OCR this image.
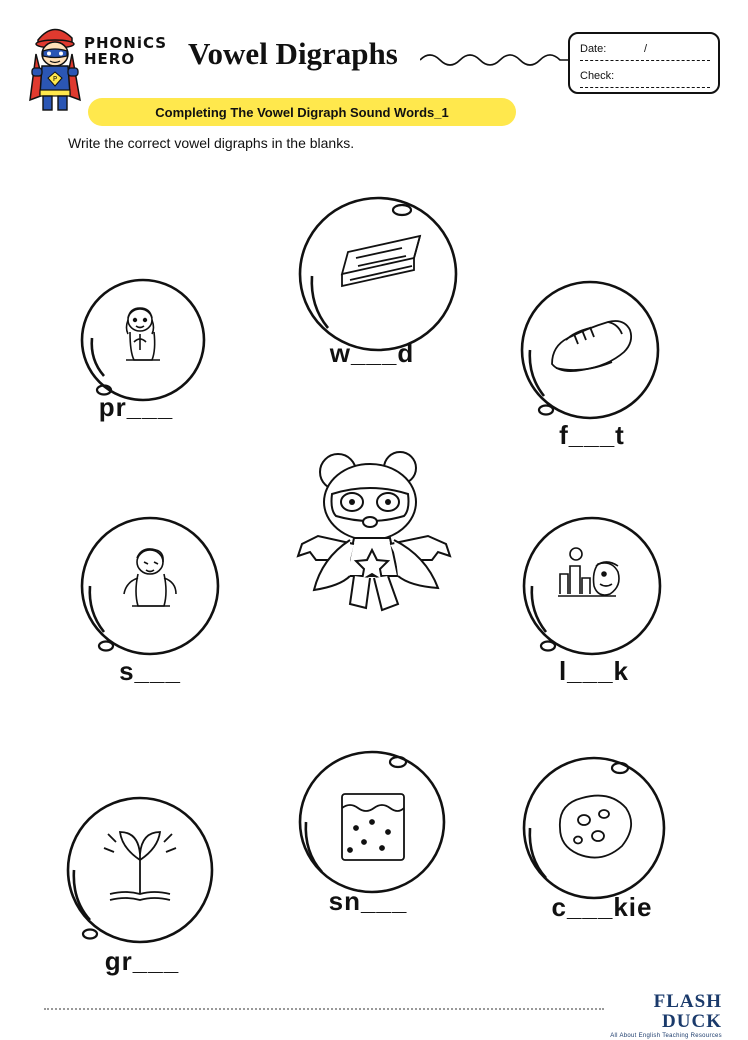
P
PHONiCS
HERO	Vowel Digraphs	Date:	/
Check:
Completing The Vowel Digraph Sound Words_1
Write the correct vowel digraphs in the blanks.
pr___
w___d
f___t
s___	l___k
gr___
sn___	c___kie
FLASH DUCK
All About English Teaching Resources
